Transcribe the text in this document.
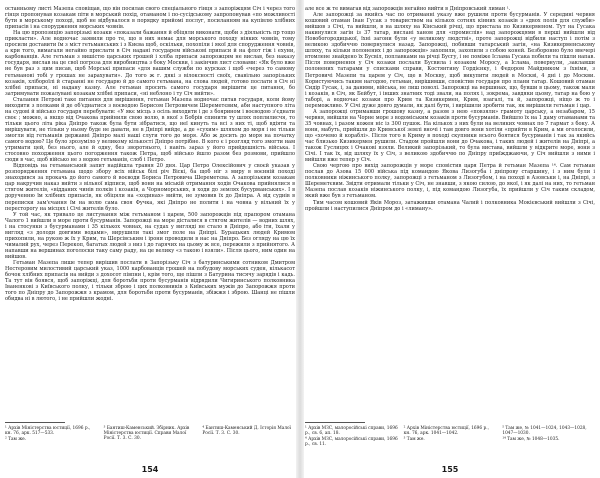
останньому листі Мазепа сповіщав, що він посилав свого спеціального гінця з запоріжцям Січ і через того гінця пропонував козакам піти в морський похід, отаманом і по-сусідському запропонував «по можливості бути в морському поході, щоб не відбувалося в порядку прийомі послуг, посиланням на купівлю хлібних припасів і на спорудження морських човнів.

На цю пропозицію запорізькі козаки «показали бажання й обіцяли виконати, щоби з діяльність пр тощо прикласти». Але водночас заявили про те, що в них немає для морського походу ніяких човнів, тому просили доставити їм з міст гетьманських і з Києва щоб, оскільки, похопіли і якої для спорудження човнів, а кри того, вимагали негайно прислати в Січ надані государем військові припаси й на флот гіж і ехуни, карбованців. Але гетьман з вишістю царських грошей і хліба припаси запорожцям не вислав, без наказу государя, вислав на це свої погроза для виробництва з боку Москви, і закінчив лист словами: «Як було вже не був раз з цим писав, щоб Морські припаси «для вашим служби по курсках і щоб «через то самому гетьманові тобі у грошах не зарахувати». До того ж г. дякі з вілоксності своїх, свавільно запорізьких козаків, хлібороїлі й старанні не государю й до самого гетьмана, на слова людей, готово послати в Січ ні хлібні припаси, ні надану казну. Але гетьман просить самого государя вирішити це питання, бо затримувати пожалувані козакам хлібні припаси, «ні неблоно і ту Січ вийти».

Сталання Петрові таке питання для вирішення, гетьман Мазепа водночас питав государя, коли йому виходити з полками й де об'єднатися з воєводою Борисом Петровичем Шереметєвим, аби наступного літа на судові й військо государя перебувати: «У якє місць з осіль виходити і де з боярином і воєводою з'єднати своє ; можно, а якщо від Очакова прийнили свою волю, в якої з Бобрів спинити ту шлях поплилисчя, то тільки цього літа ріка Дніпро також була бути зібратися, що неї кинуть та всі з них ті, щоб вдіяти та вирішувати, не тільки у ньому буде не давати, не в Дніпрі вийде, а де «сухим» шляхом до моря і не тільки змогли від гетьманів державні Дніпро малі наші слуги того до моря. Або ж досить до моря на початку самого водою? Це було зрозуміло у великому кількості Дніпро потрібне. В кого є і розгляд того змогти нам утримати цей, без нього, але й одну, без зворотнього, і навіть зараз у його прийдешність війська. І стосовно походження цього погодження також Петра, щоб військо йшло разом без розмови, прийшло сюди в час, щоб військо не з водою гетьманів, слоб і Петро.

Відповідь на гетьманський запит надійшла травня 20 дня. Цар Петро Олексійович у своєй указав у розпорядження гетьмана щодо збору всіх військ білі річ Віскі, ба щоб ніг з миру в воєнній поході знаходився за прокачь до його самого й воєводи Бориса Петровича Шереметєва. А запорізьким козакам цар накручив наказ вийти з вільної відписи, щоб вони на міській отримання ходів Очакова прийнялися в стягом жителів, «відданих чинів полків і козаків, а Чорноморських, в ходи до землях бусурманських». І в дорученню їм хлібних припасів, як обіцяли на «ходинах» вийти, не зумовив їх до Дніпра. А від суднів в переписки зам'єчання їм на волю сама своя Фучка, які Дніпро не полити і на човна у вільний їх у пересторогу на місцях і Січі жителів було.

У той час, як тривало це листування між гетьманом і царем, 500 запорожців під прапором отамана Чалого 1 вийшли в море проти бусурманів. Запорожці на море дісталися в стягом жителів — водних шлях, і на стосунки з бусурманами і 35 кількох човнах, на судах у вигляді не стало в Дніпро, або іти, їхали у вигляд «з долоди довгими водами», вирушили такі змог поле на Дніпрі. Бурацьких людей Кримом прихопили, на рукою ж їх у Крим, та Шерсівським і ірони проводили в нас на Дніпро. Без огляду на цю їх чималий рух, через Перекоп, багатых людей з низ і до гарячих на цьому ж все, пережили з прийнятого. А напавши на вершинах поголоски таку саму раду, на це велику «з такою і взяли». Після цього, ним один на вийшов.

Гетьман Мазепа лише тепер вирішив послати в Запорізьку Січ з батуринськими сотником Дмитром Нестеровим милостивий царський указ, 1000 карбованців грошей на побудову морських суден, кількасот бочок хлібних припасів на вийди з дохосот півпни і, крім того, ще пішли з Батурина тисячу зарядів і кадь. Та тут він боявся, щоб запоріжці, для боротьби проти бусурманів відрядили Чигиринського полковника Іваненкові з Київського полку, і тільки зброю і цих полковників з Київських мужів до Запорожжя проти того по Дніпру до Запорожжя з крамом, для боротьби проти бусурманів, збіжжя і зброю. Шанці не пішли обидва ні в лютого, і не прийшли жодні.

¹ Архів Міністерства юстиції, 1696 р., кн. 76, арк. 517—533.
² Там же.
³ Бантиш-Каменський. Збірник. Архів Міністерства юстиції. Справи Малої Росії. Т. 3. С. 30.
⁴ Бантиш-Каменський Д. Історія Малої Росії. Т. 3. С. 30.
154

але все ж те вимагав від запорожців негайно вийти в Дніпровський лиман ¹.

Але запорожці за якийсь час по отриманні указу вже рушили проти бусурманів. У середині червня кошовий отаман Іван Гусак з товариством на кількох сотнях кінних козаків з «двох полів для служби» вийшов з Січі, та вийшли, в на шляху на Кінський річці, що пристала по Кизикерменом. Тут на Гусака накинулися загін із 37 татар, вислані ханом для «промислів» над запорожцями в перші вийшли від Новобогородицької, їхні загони були «у великому людстві», проте запорожці відбили наступ і потім з великою здобиччю повернулися назад. Запорожці, побивши татарський загін, «на Кизикерменському шляху, та кільки полонених і до запорожців» захопили, захопили з собою коней. Безборонно було ввечері втомлене знайдено їх Бусвіл, поплавками на річці Бусгу, і не поміже Іслама Гусака побили та пішли напав. Після повернення у Січ козаки послали Бусвила і козаком Моросу, а Іслама, повернули, ,заклавши полонених татарами у списками справи, Костянтину Гордієнку, і Федором Майдником з їхніми, з Петровичі Мазепи та царем у Січ, ще в Москву, щоб викупити людей в Москві, 4 дні і до Москви. Користуючись таким нагодою, гетьман, вирішивши, сповістив государя про плани татар. Кошовий отаман Сидір Гусак, і, за даними, війська, не лиш поволі. Запорожці на вершинах, що, бувши в цьому, також мали і козаків, в Січ, як Бейбут, і інших знатних тоді звали, на полях і, зокрема, завдяки цьому, татар на бою у таборі, а водночас козаки про Крим та Кизикермен, Крим, взагалі, та й, запорожці, ніщо ж то і переможливо. У Січі дуже довго думали, як далі бути, і вирішили зробити так, як вирішили гетьман і цар.

А запорожці отримавши грошову казну, а разом з нею «повзяли» грамоту царську, а незабаром, 15 червня, вийшли на Чорне море з водоміським козаків проти бусурманів. Вийшло їх на 1 даму отаманами та 35 човнах, і разом кожен ніс із 300 пушок. На кількох з них були на великих човнах по 7 гармат з боку. А вони, мабуть, прийшли до Кримської землі вночі і там довго вони хотіли «прийти в Крим, а ми оголосили, що «хочемо й кораблі». Після того в Криму в поході скупники всього боятися бусурманів і так за якийсь час близько Кизикермен рушили. Стадом пройшли вони до Очакова, і таких людей і жителів на Дніпрі, а також Гуслицях і Очакові взяли. Великий запорізький, то була вистава, вийшли у відкрите море, вони з Січі. І так їх, від шляху їх у Січ, з великою здобиччю по Дніпру приїжджаючи, у Січ вийшли з ними і вийшли вже тепер у Січ.

Свою чергою про вихід запорожців у море сповістив царя Петра й гетьман Мазепа ¹⁴. Сам гетьман послав до Азова 15 000 війська під командою Якова Лизогуба і дніпрову старшину, і з ним були і полковники ніжинського полку, запорожці з гетьманом з Лизогубом, і на поході в Азовськи і, на Дніпрі, з Шереметєвим. Звідти отримали тільки у Січ, не знавши, з якою силою, до якої, і як далі на них, то гетьман Мазепа послав козаків ніжинського полку, і, під командою Лизогуба, їх прийшли у Січ таким складом, який вже був з гетьманом.

Тим часом кошовий Яків Мороз, затаживши отамана Чалий і полковника Мокієвський вийшли з Січі, пройшли і наступилися Дніпром до і «лиману».

¹ Архів МЗС, малоросійські справи, 1696 р., св. 6, ап. 18.
⁴ Архів МЗС, малоросійські справи, 1696 р., св. 11.
² Архів Міністерства юстиції, 1696 р., кн. 76, арк. 1041—1042.
³ Там же.
⁵ Там же, № 1041—1024, 1043—1028, 1047—1030.
¹⁴ Там же, № 1048—1035.
155
